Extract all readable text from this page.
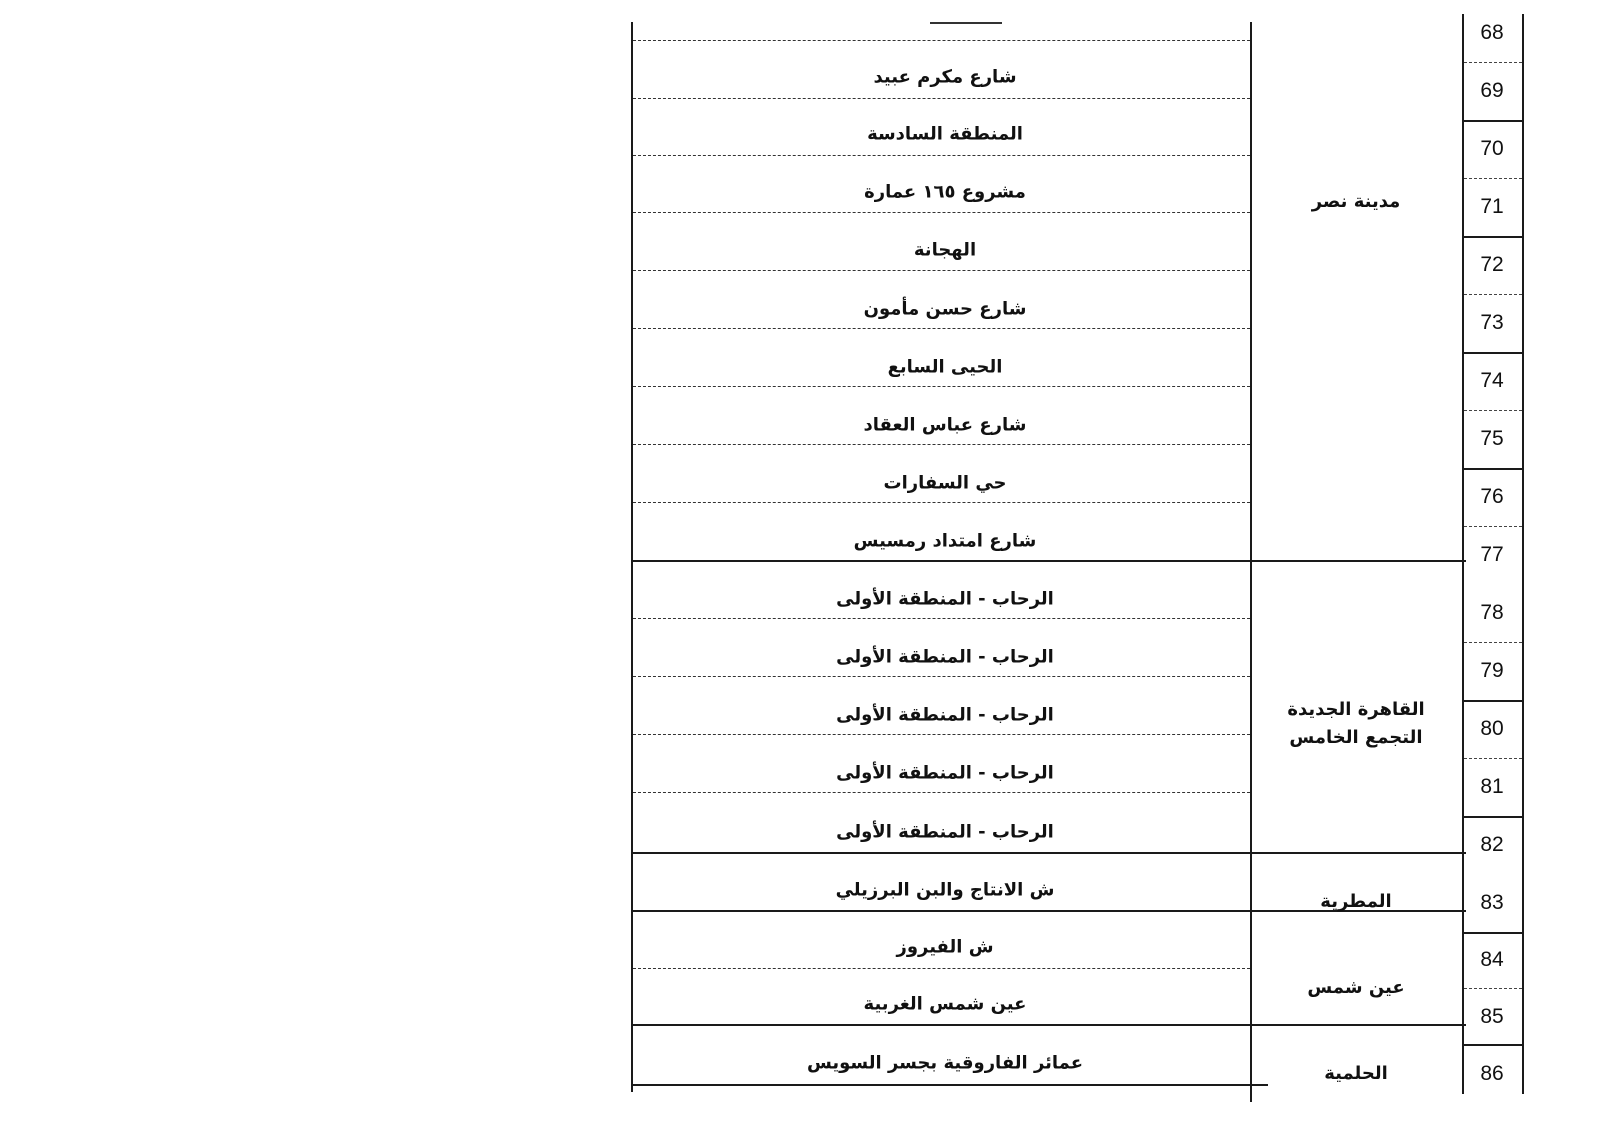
68
69
70
71
72
73
74
75
76
77
78
79
80
81
82
83
84
85
86
مدينة نصر
القاهرة الجديدة
التجمع الخامس
المطرية
عين شمس
الحلمية
شارع مكرم عبيد
المنطقة السادسة
مشروع ١٦٥ عمارة
الهجانة
شارع حسن مأمون
الحيى السابع
شارع عباس العقاد
حي السفارات
شارع امتداد رمسيس
الرحاب - المنطقة الأولى
الرحاب - المنطقة الأولى
الرحاب - المنطقة الأولى
الرحاب - المنطقة الأولى
الرحاب - المنطقة الأولى
ش الانتاج والبن البرزيلي
ش الفيروز
عين شمس الغربية
عمائر الفاروقية بجسر السويس
